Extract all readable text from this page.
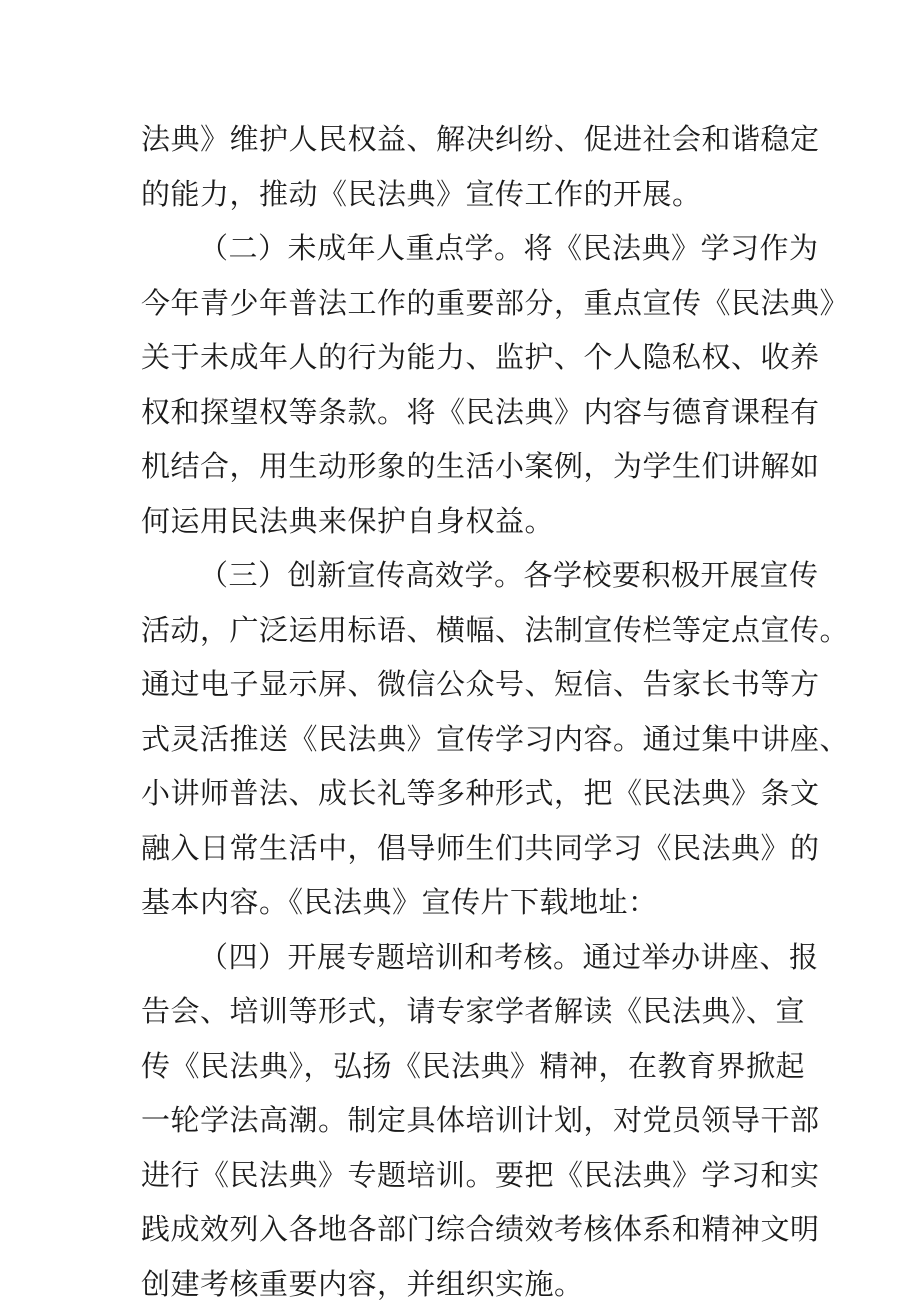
法典》维护人民权益、解决纠纷、促进社会和谐稳定
的能力，推动《民法典》宣传工作的开展。
（二）未成年人重点学。将《民法典》学习作为
今年青少年普法工作的重要部分，重点宣传《民法典》
关于未成年人的行为能力、监护、个人隐私权、收养
权和探望权等条款。将《民法典》内容与德育课程有
机结合，用生动形象的生活小案例，为学生们讲解如
何运用民法典来保护自身权益。
（三）创新宣传高效学。各学校要积极开展宣传
活动，广泛运用标语、横幅、法制宣传栏等定点宣传。
通过电子显示屏、微信公众号、短信、告家长书等方
式灵活推送《民法典》宣传学习内容。通过集中讲座、
小讲师普法、成长礼等多种形式，把《民法典》条文
融入日常生活中，倡导师生们共同学习《民法典》的
基本内容。《民法典》宣传片下载地址：
（四）开展专题培训和考核。通过举办讲座、报
告会、培训等形式，请专家学者解读《民法典》、宣
传《民法典》，弘扬《民法典》精神，在教育界掀起
一轮学法高潮。制定具体培训计划，对党员领导干部
进行《民法典》专题培训。要把《民法典》学习和实
践成效列入各地各部门综合绩效考核体系和精神文明
创建考核重要内容，并组织实施。
